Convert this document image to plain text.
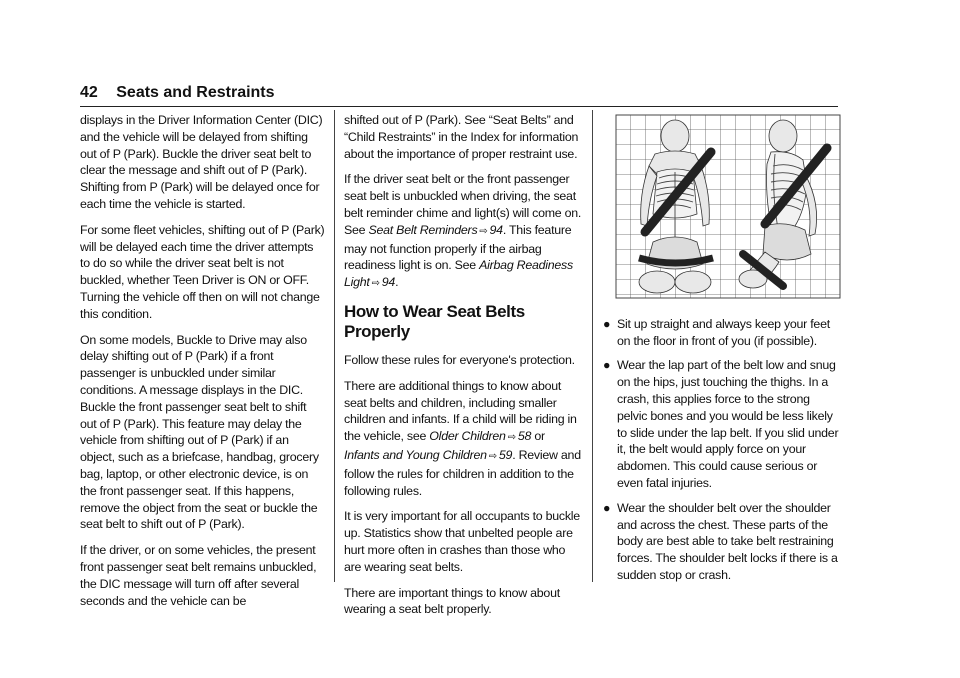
42 Seats and Restraints

displays in the Driver Information Center (DIC) and the vehicle will be delayed from shifting out of P (Park). Buckle the driver seat belt to clear the message and shift out of P (Park). Shifting from P (Park) will be delayed once for each time the vehicle is started.

For some fleet vehicles, shifting out of P (Park) will be delayed each time the driver attempts to do so while the driver seat belt is not buckled, whether Teen Driver is ON or OFF. Turning the vehicle off then on will not change this condition.

On some models, Buckle to Drive may also delay shifting out of P (Park) if a front passenger is unbuckled under similar conditions. A message displays in the DIC. Buckle the front passenger seat belt to shift out of P (Park). This feature may delay the vehicle from shifting out of P (Park) if an object, such as a briefcase, handbag, grocery bag, laptop, or other electronic device, is on the front passenger seat. If this happens, remove the object from the seat or buckle the seat belt to shift out of P (Park).

If the driver, or on some vehicles, the present front passenger seat belt remains unbuckled, the DIC message will turn off after several seconds and the vehicle can be

shifted out of P (Park). See “Seat Belts” and “Child Restraints” in the Index for information about the importance of proper restraint use.

If the driver seat belt or the front passenger seat belt is unbuckled when driving, the seat belt reminder chime and light(s) will come on. See Seat Belt Reminders ⇨ 94. This feature may not function properly if the airbag readiness light is on. See Airbag Readiness Light ⇨ 94.

How to Wear Seat Belts Properly

Follow these rules for everyone's protection.

There are additional things to know about seat belts and children, including smaller children and infants. If a child will be riding in the vehicle, see Older Children ⇨ 58 or Infants and Young Children ⇨ 59. Review and follow the rules for children in addition to the following rules.

It is very important for all occupants to buckle up. Statistics show that unbelted people are hurt more often in crashes than those who are wearing seat belts.

There are important things to know about wearing a seat belt properly.

● Sit up straight and always keep your feet on the floor in front of you (if possible).
● Wear the lap part of the belt low and snug on the hips, just touching the thighs. In a crash, this applies force to the strong pelvic bones and you would be less likely to slide under the lap belt. If you slid under it, the belt would apply force on your abdomen. This could cause serious or even fatal injuries.
● Wear the shoulder belt over the shoulder and across the chest. These parts of the body are best able to take belt restraining forces. The shoulder belt locks if there is a sudden stop or crash.
